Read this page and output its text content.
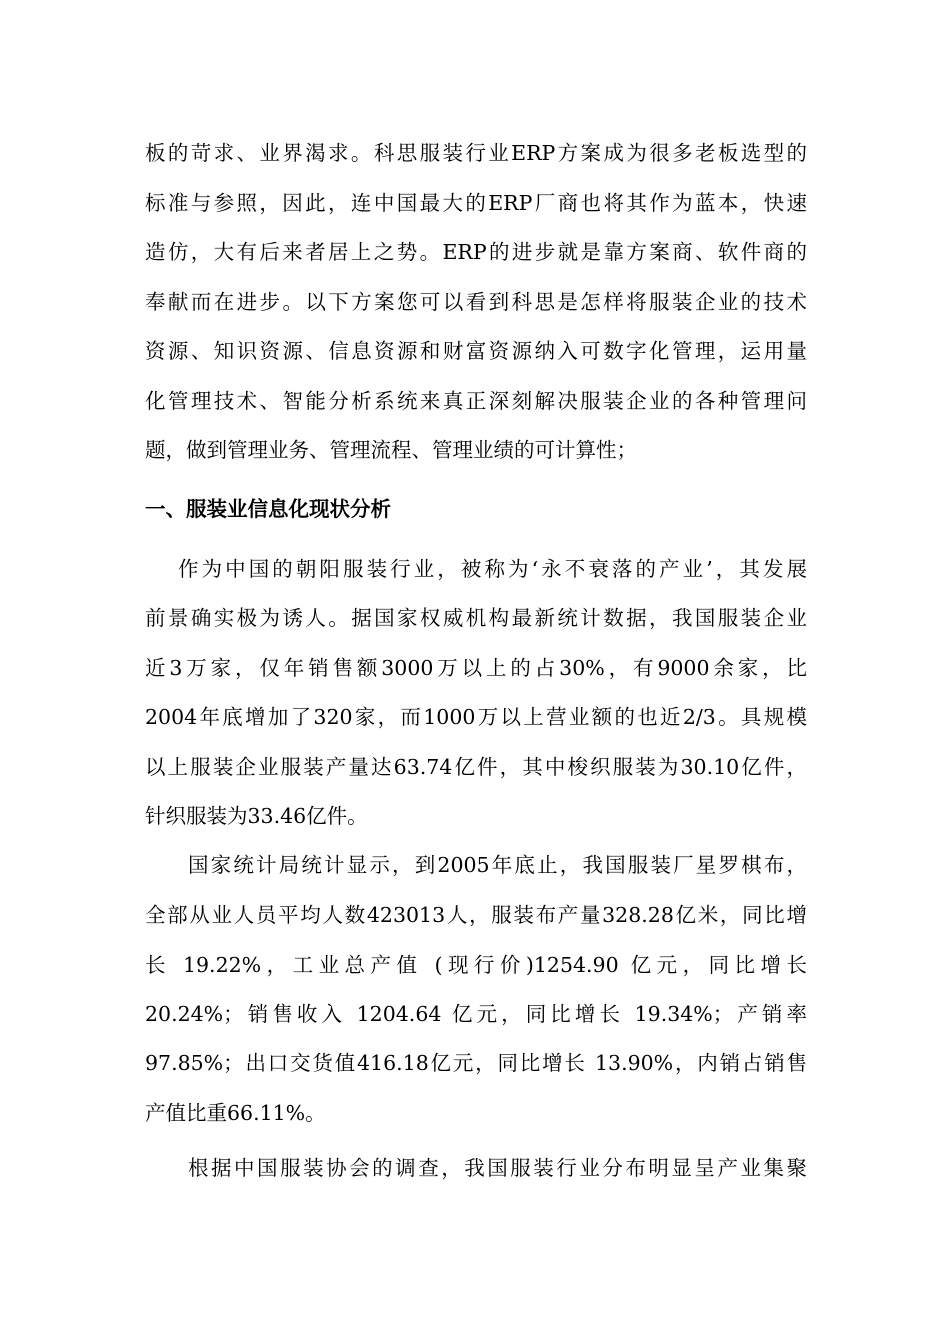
板的苛求、业界渴求。科思服装行业ERP方案成为很多老板选型的
标准与参照，因此，连中国最大的ERP厂商也将其作为蓝本，快速
造仿，大有后来者居上之势。ERP的进步就是靠方案商、软件商的
奉献而在进步。以下方案您可以看到科思是怎样将服装企业的技术
资源、知识资源、信息资源和财富资源纳入可数字化管理，运用量
化管理技术、智能分析系统来真正深刻解决服装企业的各种管理问
题，做到管理业务、管理流程、管理业绩的可计算性；
一、服装业信息化现状分析
作为中国的朝阳服装行业，被称为‘永不衰落的产业’，其发展
前景确实极为诱人。据国家权威机构最新统计数据，我国服装企业
近3万家，仅年销售额3000万以上的占30%，有9000余家，比
2004年底增加了320家，而1000万以上营业额的也近2/3。具规模
以上服装企业服装产量达63.74亿件，其中梭织服装为30.10亿件，
针织服装为33.46亿件。
国家统计局统计显示，到2005年底止，我国服装厂星罗棋布，
全部从业人员平均人数423013人，服装布产量328.28亿米，同比增
长 19.22%，工业总产值 (现行价)1254.90 亿元，同比增长
20.24%；销售收入 1204.64 亿元，同比增长 19.34%；产销率
97.85%；出口交货值416.18亿元，同比增长 13.90%，内销占销售
产值比重66.11%。
根据中国服装协会的调查，我国服装行业分布明显呈产业集聚
